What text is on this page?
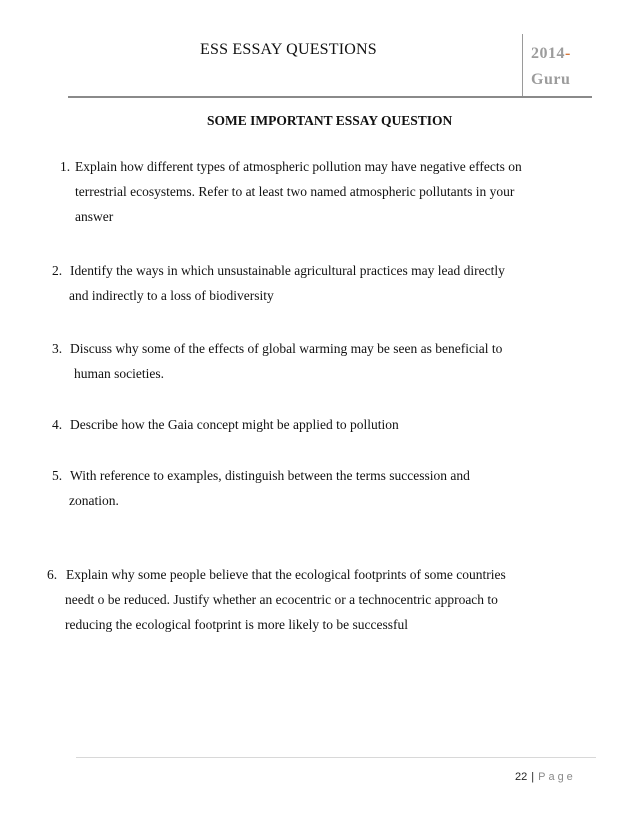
ESS ESSAY QUESTIONS	2014-
Guru
SOME IMPORTANT ESSAY QUESTION
1. Explain how different types of atmospheric pollution may have negative effects on
terrestrial ecosystems. Refer to at least two named atmospheric pollutants in your
answer
2. Identify the ways in which unsustainable agricultural practices may lead directly
and indirectly to a loss of biodiversity
3. Discuss why some of the effects of global warming may be seen as beneficial to
human societies.
4. Describe how the Gaia concept might be applied to pollution
5. With reference to examples, distinguish between the terms succession and
zonation.
6. Explain why some people believe that the ecological footprints of some countries
needt o be reduced. Justify whether an ecocentric or a technocentric approach to
reducing the ecological footprint is more likely to be successful
22 | Page
